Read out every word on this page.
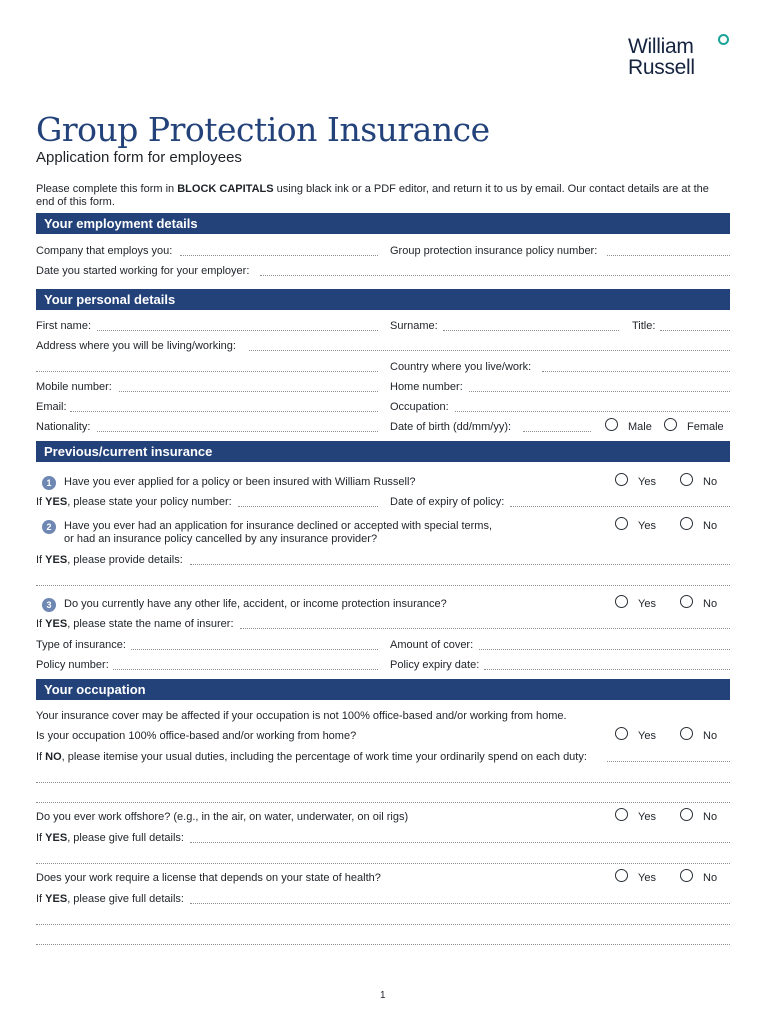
William
Russell
Group Protection Insurance
Application form for employees
Please complete this form in BLOCK CAPITALS using black ink or a PDF editor, and return it to us by email. Our contact details are at the end of this form.
Your employment details
Company that employs you:	Group protection insurance policy number:
Date you started working for your employer:
Your personal details
First name:	Surname:	Title:
Address where you will be living/working:
Country where you live/work:
Mobile number:	Home number:
Email:	Occupation:
Nationality:	Date of birth (dd/mm/yy):	Male	Female
Previous/current insurance
1	Have you ever applied for a policy or been insured with William Russell?	Yes	No
If YES, please state your policy number:	Date of expiry of policy:
2	Have you ever had an application for insurance declined or accepted with special terms,
or had an insurance policy cancelled by any insurance provider?
Yes	No
If YES, please provide details:
3	Do you currently have any other life, accident, or income protection insurance?	Yes	No
If YES, please state the name of insurer:
Type of insurance:	Amount of cover:
Policy number:	Policy expiry date:
Your occupation
Your insurance cover may be affected if your occupation is not 100% office-based and/or working from home.
Is your occupation 100% office-based and/or working from home?	Yes	No
If NO, please itemise your usual duties, including the percentage of work time your ordinarily spend on each duty:
Do you ever work offshore? (e.g., in the air, on water, underwater, on oil rigs)	Yes	No
If YES, please give full details:
Does your work require a license that depends on your state of health?	Yes	No
If YES, please give full details:
1
